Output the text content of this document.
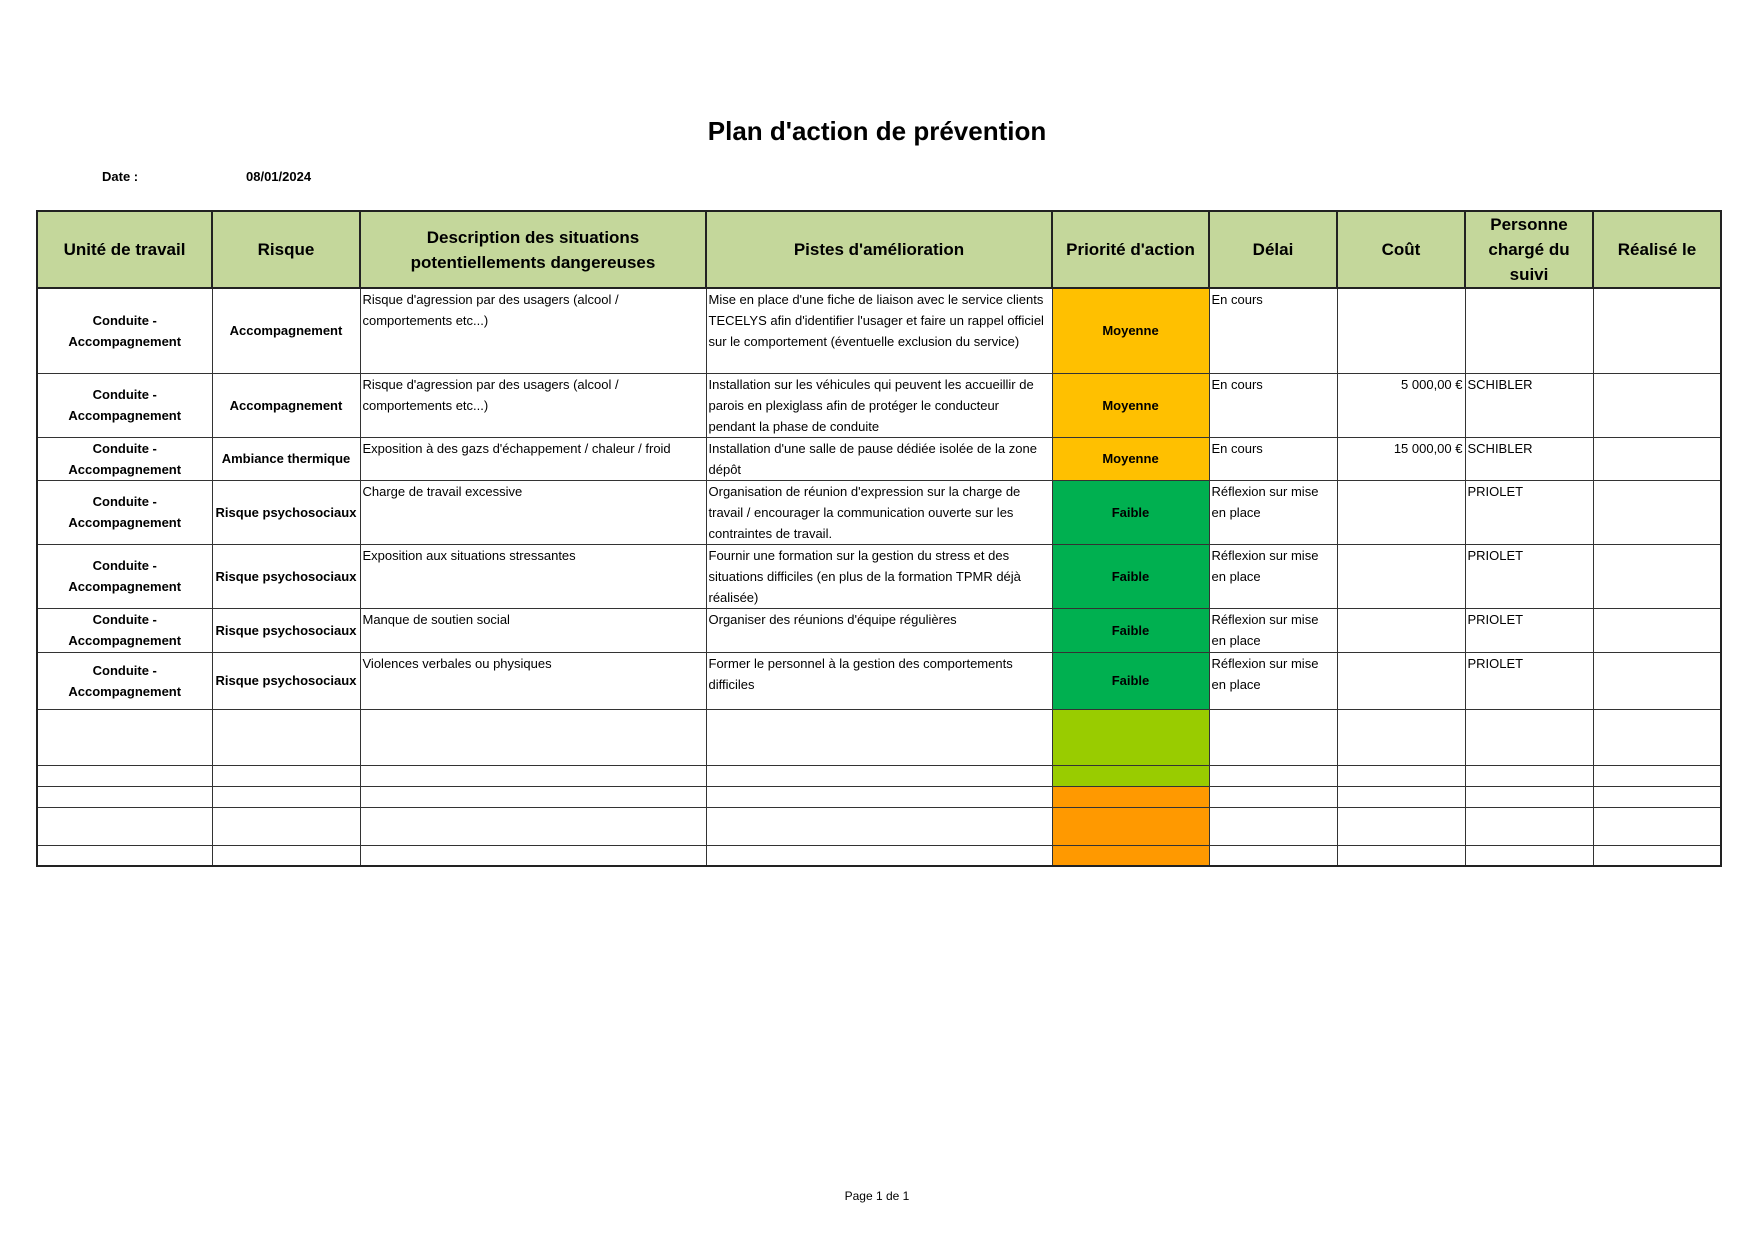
Plan d'action de prévention
Date :	08/01/2024
Unité de travail	Risque	Description des situations potentiellements dangereuses	Pistes d'amélioration	Priorité d'action	Délai	Coût	Personne chargé du suivi	Réalisé le
Conduite - Accompagnement	Accompagnement	Risque d'agression par des usagers (alcool / comportements etc...)	Mise en place d'une fiche de liaison avec le service clients TECELYS afin d'identifier l'usager et faire un rappel officiel sur le comportement (éventuelle exclusion du service)	Moyenne	En cours			
Conduite - Accompagnement	Accompagnement	Risque d'agression par des usagers (alcool / comportements etc...)	Installation sur les véhicules qui peuvent les accueillir de parois en plexiglass afin de protéger le conducteur pendant la phase de conduite	Moyenne	En cours	5 000,00 €	SCHIBLER	
Conduite - Accompagnement	Ambiance thermique	Exposition à des gazs d'échappement / chaleur / froid	Installation d'une salle de pause dédiée isolée de la zone dépôt	Moyenne	En cours	15 000,00 €	SCHIBLER	
Conduite - Accompagnement	Risque psychosociaux	Charge de travail excessive	Organisation de réunion d'expression sur la charge de travail / encourager la communication ouverte sur les contraintes de travail.	Faible	Réflexion sur mise en place		PRIOLET	
Conduite - Accompagnement	Risque psychosociaux	Exposition aux situations stressantes	Fournir une formation sur la gestion du stress et des situations difficiles (en plus de la formation TPMR déjà réalisée)	Faible	Réflexion sur mise en place		PRIOLET	
Conduite - Accompagnement	Risque psychosociaux	Manque de soutien social	Organiser des réunions d'équipe régulières	Faible	Réflexion sur mise en place		PRIOLET	
Conduite - Accompagnement	Risque psychosociaux	Violences verbales ou physiques	Former le personnel à la gestion des comportements difficiles	Faible	Réflexion sur mise en place		PRIOLET	

Page 1 de 1
